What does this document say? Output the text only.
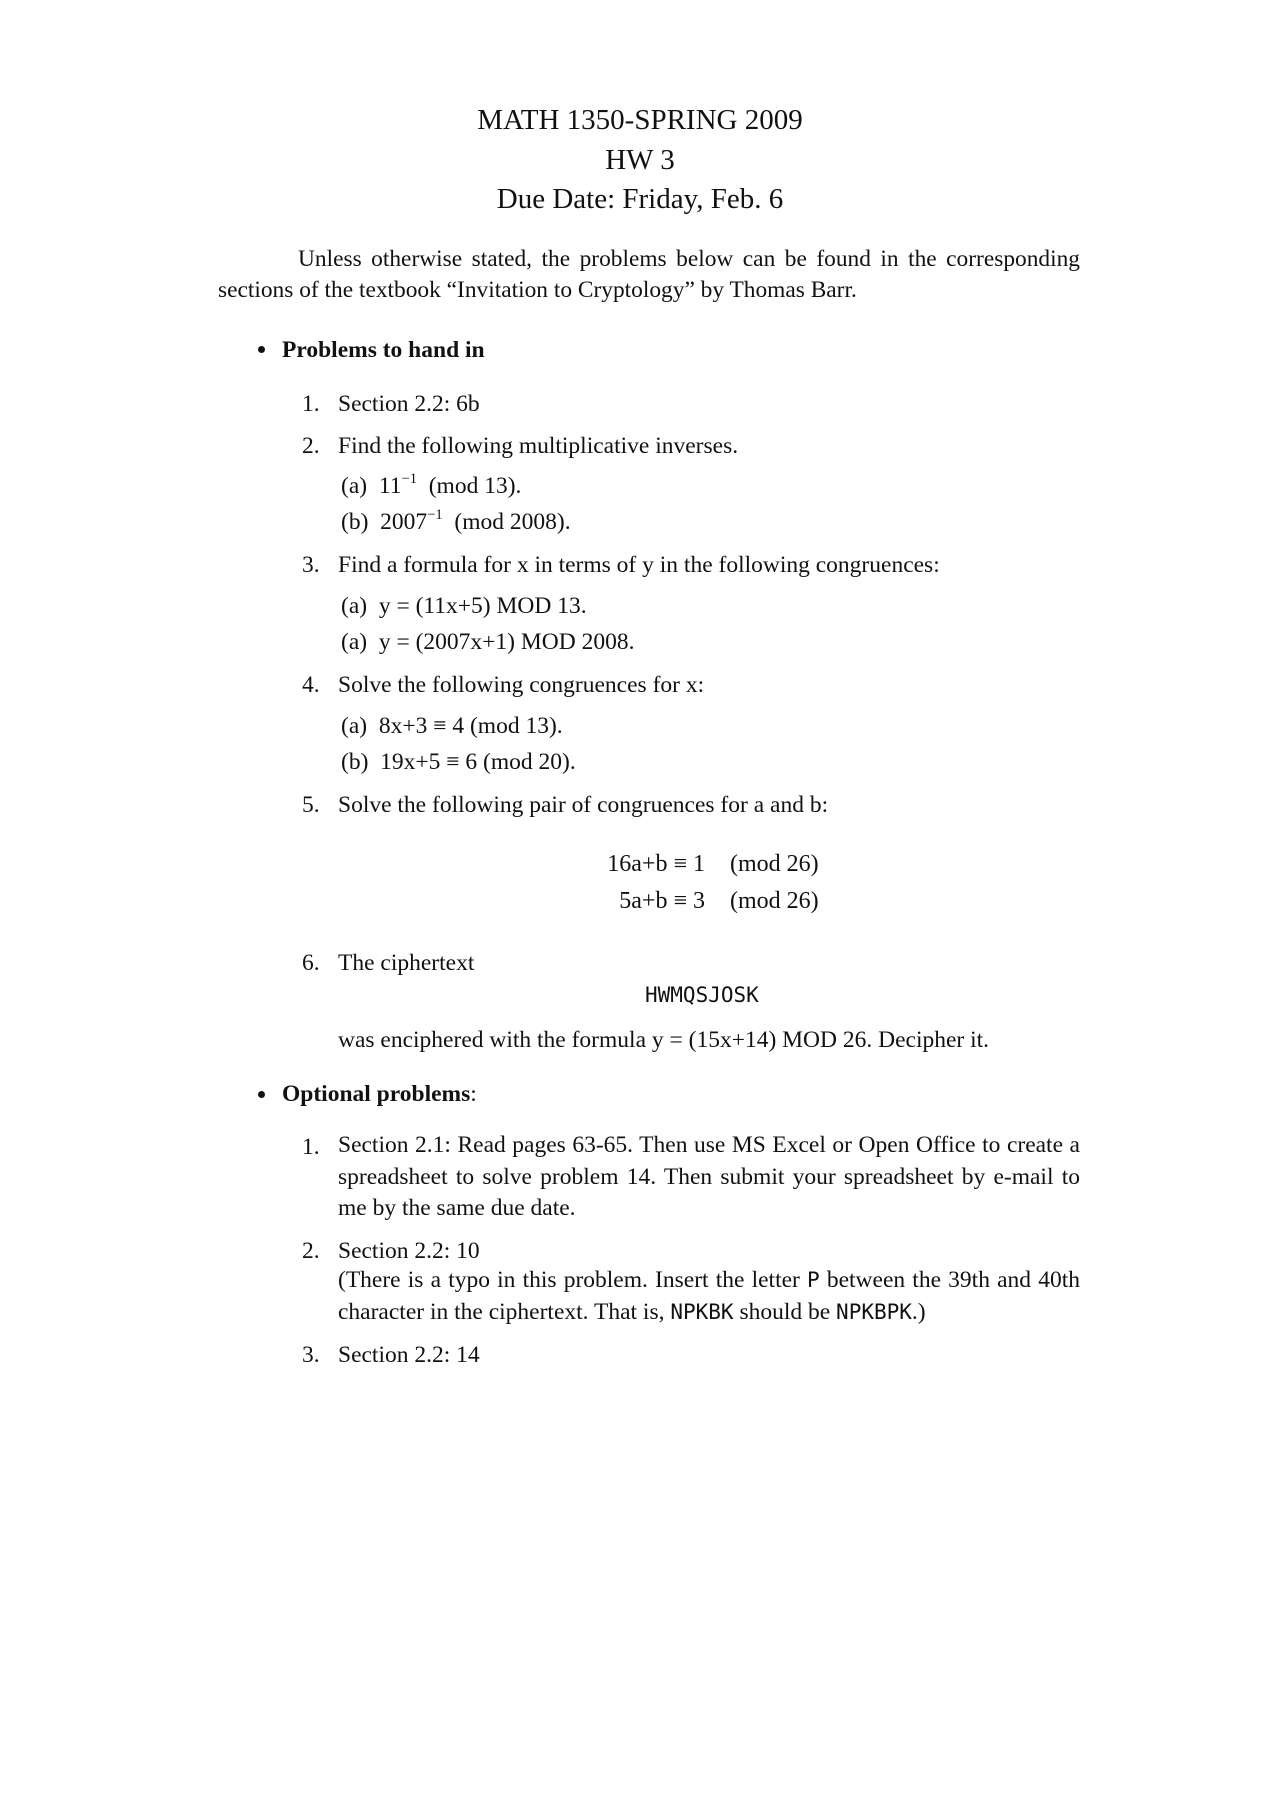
MATH 1350-SPRING 2009
HW 3
Due Date: Friday, Feb. 6

Unless otherwise stated, the problems below can be found in the corresponding sections of the textbook “Invitation to Cryptology” by Thomas Barr.

Problems to hand in
1. Section 2.2: 6b
2. Find the following multiplicative inverses.
(a) $11^{-1}$ (mod 13).
(b) $2007^{-1}$ (mod 2008).
3. Find a formula for x in terms of y in the following congruences:
(a) y = (11x+5) MOD 13.
(a) y = (2007x+1) MOD 2008.
4. Solve the following congruences for x:
(a) 8x+3 ≡ 4 (mod 13).
(b) 19x+5 ≡ 6 (mod 20).
5. Solve the following pair of congruences for a and b:
16a+b ≡ 1 (mod 26)
5a+b ≡ 3 (mod 26)
6. The ciphertext
HWMQSJOSK
was enciphered with the formula y = (15x+14) MOD 26. Decipher it.
Optional problems:
1. Section 2.1: Read pages 63-65. Then use MS Excel or Open Office to create a spreadsheet to solve problem 14. Then submit your spreadsheet by e-mail to me by the same due date.

2. Section 2.2: 10

(There is a typo in this problem. Insert the letter P between the 39th and 40th character in the ciphertext. That is, NPKBK should be NPKBPK.)

3. Section 2.2: 14
